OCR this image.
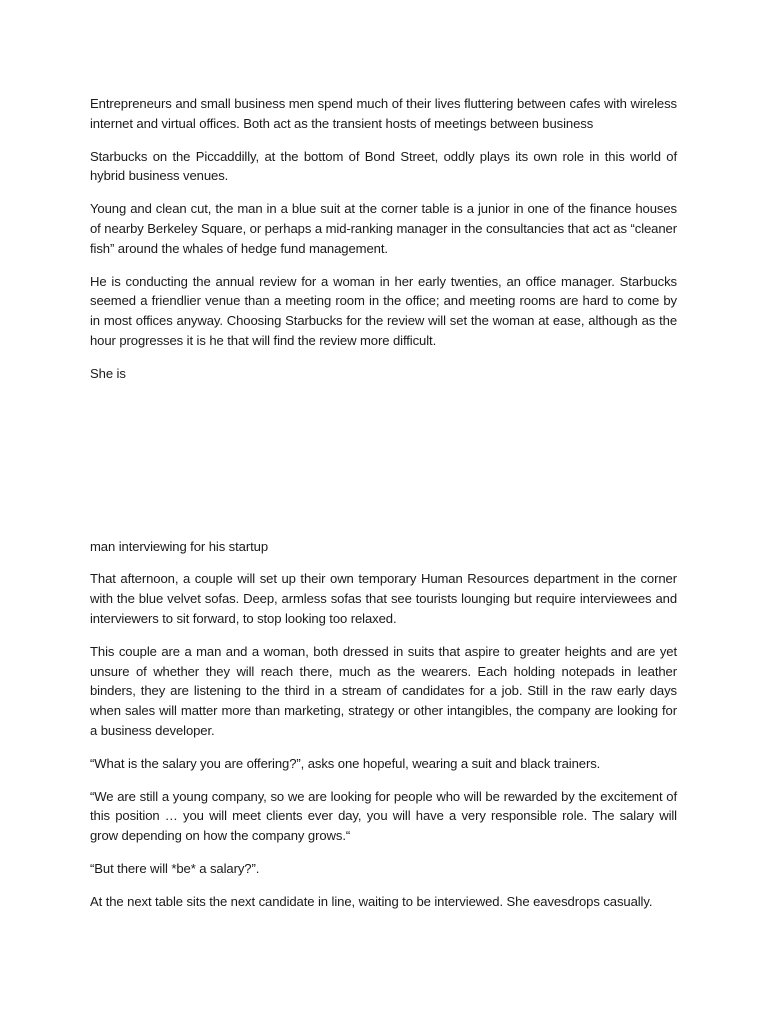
Entrepreneurs and small business men spend much of their lives fluttering between cafes with wireless internet and virtual offices. Both act as the transient hosts of meetings between business

Starbucks on the Piccaddilly, at the bottom of Bond Street, oddly plays its own role in this world of hybrid business venues.

Young and clean cut, the man in a blue suit at the corner table is a junior in one of the finance houses of nearby Berkeley Square, or perhaps a mid-ranking manager in the consultancies that act as “cleaner fish” around the whales of hedge fund management.

He is conducting the annual review for a woman in her early twenties, an office manager. Starbucks seemed a friendlier venue than a meeting room in the office; and meeting rooms are hard to come by in most offices anyway. Choosing Starbucks for the review will set the woman at ease, although as the hour progresses it is he that will find the review more difficult.

She is

man interviewing for his startup

That afternoon, a couple will set up their own temporary Human Resources department in the corner with the blue velvet sofas. Deep, armless sofas that see tourists lounging but require interviewees and interviewers to sit forward, to stop looking too relaxed.

This couple are a man and a woman, both dressed in suits that aspire to greater heights and are yet unsure of whether they will reach there, much as the wearers. Each holding notepads in leather binders, they are listening to the third in a stream of candidates for a job. Still in the raw early days when sales will matter more than marketing, strategy or other intangibles, the company are looking for a business developer.

“What is the salary you are offering?”, asks one hopeful, wearing a suit and black trainers.

“We are still a young company, so we are looking for people who will be rewarded by the excitement of this position … you will meet clients ever day, you will have a very responsible role. The salary will grow depending on how the company grows.“

“But there will *be* a salary?”.

At the next table sits the next candidate in line, waiting to be interviewed. She eavesdrops casually.
